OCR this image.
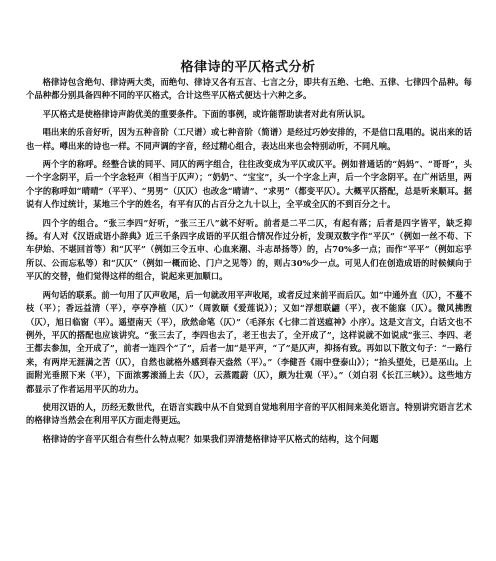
格律诗的平仄格式分析

格律诗包含绝句、律诗两大类，而绝句、律诗又各有五言、七言之分，即共有五绝、七绝、五律、七律四个品种。每个品种都分别具备四种不同的平仄格式，合计这些平仄格式便达十六种之多。

平仄格式是使格律诗声韵优美的重要条件。下面的事例，或许能帮助读者对此有所认识。

唱出来的乐音好听，因为五种音阶（工尺谱）或七种音阶（简谱）是经过巧妙安排的，不是信口乱唱的。说出来的话也一样。噂出来的诗也一样。不同声调的字音，经过精心组合，表达出来也会特别动听，不同凡响。

两个字的称呼。经整合读的同平、同仄的两字组合，往往改变成为平仄或仄平。例如普通话的“妈妈”、“哥哥”，头一个字念阴平，后一个字念轻声（相当于仄声）；“奶奶”、“宝宝”，头一个字念上声，后一个字念阴平。在广州话里，两个字的称呼如“晴晴”（平平）、“男男”（仄仄）也改念“晴请”、“求男”（都变平仄）。大概平仄搭配，总是听来顺耳。据说有人作过统计，某地三个字的姓名，有平有仄的占百分之九十以上，全平或全仄的不到百分之十。

四个字的组合。“张三李四”好听，“张三王八”就不好听。前者是二平二仄，有起有落；后者是四字皆平，缺乏抑扬。有人对《汉语成语小辞典》近三千条四字成语的平仄组合情况作过分析，发现双数字作“平仄”（例如一丝不苟、下车伊始、不堪回首等）和“仄平”（例如三令五申、心血来潮、斗志昂扬等）的，占70%多一点；而作“平平”（例如忘乎所以、公而忘私等）和“仄仄”（例如一概而论、门户之见等）的，则占30%少一点。可见人们在创造成语的时候倾向于平仄的交替，他们觉得这样的组合，说起来更加顺口。

两句话的联系。前一句用了仄声收尾，后一句就改用平声收尾，或者反过来前平而后仄。如“中通外直（仄），不蔓不枝（平）；香远益清（平），亭亭净植（仄）”（周敦颐《爱莲说》）；又如“浮想联翩（平），夜不能寐（仄）。微风拂煦（仄），旭日临窗（平）。遥望南天（平），欣然命笔（仄）”（毛泽东《七律二首送瘟神》小序）。这是文言文，白话文也不例外，平仄的搭配也应该讲究。“张三去了，李四也去了，老王也去了，全开成了”，这样说就不如说成“张三、李四、老王都去参加，全开成了”，前者一连四个“了”，后者一加“是平声，“了”是仄声，抑扬有致。再如以下散文句子：“一路行来，有两岸无涯满之苦（仄），自然也就格外感到春天盎然（平）。”（李健吾《雨中登泰山》）；“抬头望处，已是巫山。上面附光垂照下来（平），下面浓雾滚涌上去（仄），云蒸霞蔚（仄），颇为壮观（平）。”（刘白羽《长江三峡》）。这些地方都显示了作者运用平仄的功力。

使用汉语的人，历经无数世代，在语言实践中从不自觉到自觉地利用字音的平仄相间来美化语言。特别讲究语言艺术的格律诗当然会在利用平仄方面走得更远。

格律诗的字音平仄组合有些什么特点呢？如果我们弄清楚格律诗平仄格式的结构，这个问题
